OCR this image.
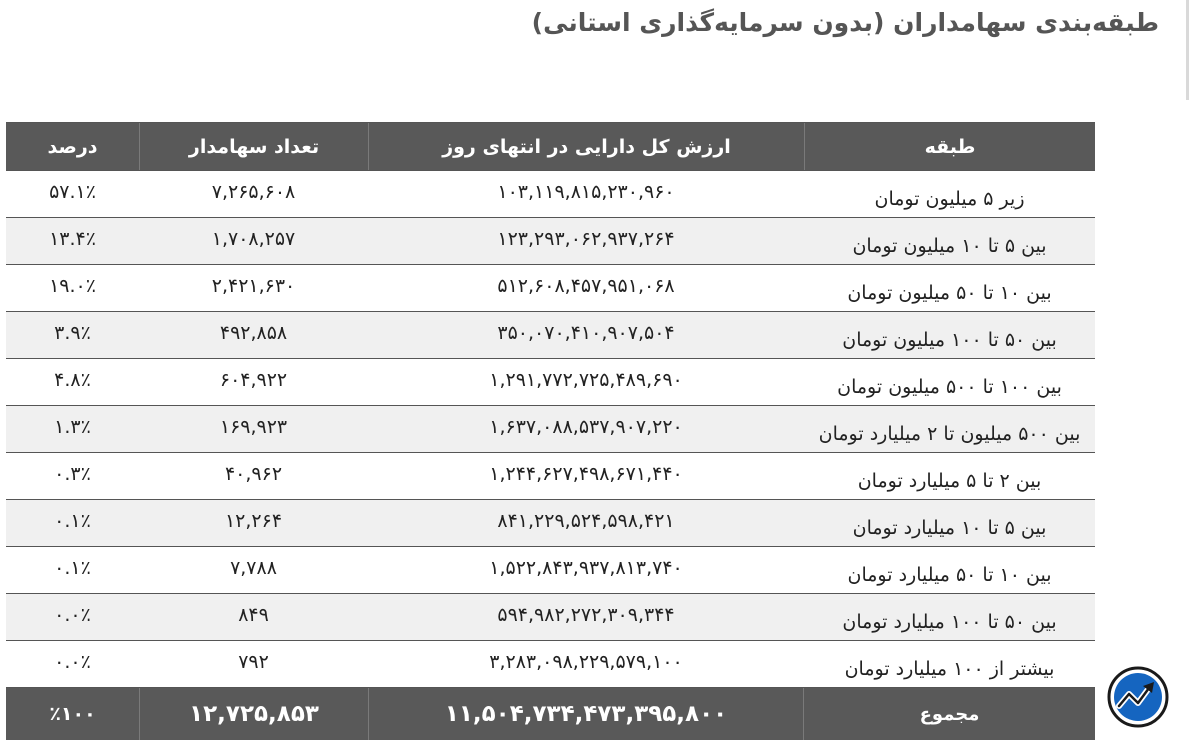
طبقه‌بندی سهامداران (بدون سرمایه‌گذاری استانی)
طبقه
ارزش کل دارایی در انتهای روز
تعداد سهامدار
درصد
زیر ۵ میلیون تومان
۱۰۳,۱۱۹,۸۱۵,۲۳۰,۹۶۰
۷,۲۶۵,۶۰۸
۵۷.۱٪
بین ۵ تا ۱۰ میلیون تومان
۱۲۳,۲۹۳,۰۶۲,۹۳۷,۲۶۴
۱,۷۰۸,۲۵۷
۱۳.۴٪
بین ۱۰ تا ۵۰ میلیون تومان
۵۱۲,۶۰۸,۴۵۷,۹۵۱,۰۶۸
۲,۴۲۱,۶۳۰
۱۹.۰٪
بین ۵۰ تا ۱۰۰ میلیون تومان
۳۵۰,۰۷۰,۴۱۰,۹۰۷,۵۰۴
۴۹۲,۸۵۸
۳.۹٪
بین ۱۰۰ تا ۵۰۰ میلیون تومان
۱,۲۹۱,۷۷۲,۷۲۵,۴۸۹,۶۹۰
۶۰۴,۹۲۲
۴.۸٪
بین ۵۰۰ میلیون تا ۲ میلیارد تومان
۱,۶۳۷,۰۸۸,۵۳۷,۹۰۷,۲۲۰
۱۶۹,۹۲۳
۱.۳٪
بین ۲ تا ۵ میلیارد تومان
۱,۲۴۴,۶۲۷,۴۹۸,۶۷۱,۴۴۰
۴۰,۹۶۲
۰.۳٪
بین ۵ تا ۱۰ میلیارد تومان
۸۴۱,۲۲۹,۵۲۴,۵۹۸,۴۲۱
۱۲,۲۶۴
۰.۱٪
بین ۱۰ تا ۵۰ میلیارد تومان
۱,۵۲۲,۸۴۳,۹۳۷,۸۱۳,۷۴۰
۷,۷۸۸
۰.۱٪
بین ۵۰ تا ۱۰۰ میلیارد تومان
۵۹۴,۹۸۲,۲۷۲,۳۰۹,۳۴۴
۸۴۹
۰.۰٪
بیشتر از ۱۰۰ میلیارد تومان
۳,۲۸۳,۰۹۸,۲۲۹,۵۷۹,۱۰۰
۷۹۲
۰.۰٪
مجموع
۱۱,۵۰۴,۷۳۴,۴۷۳,۳۹۵,۸۰۰
۱۲,۷۲۵,۸۵۳
٪۱۰۰
